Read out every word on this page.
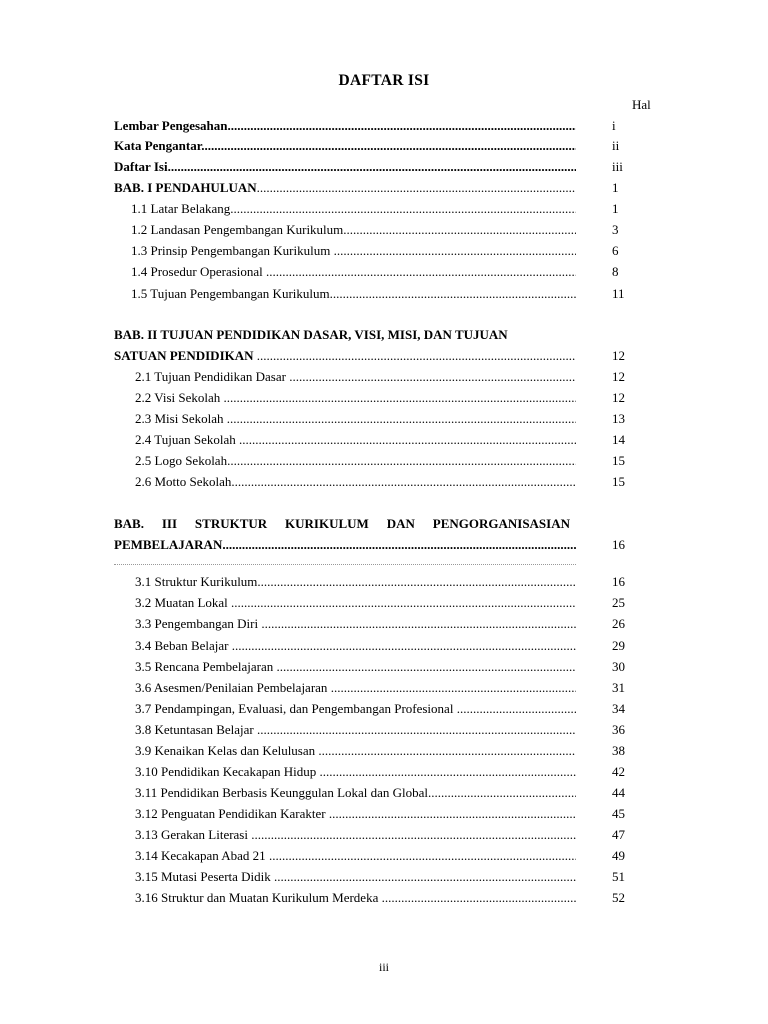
DAFTAR ISI
Hal
Lembar Pengesahan .....	i
Kata Pengantar .....	ii
Daftar Isi .....	iii
BAB. I PENDAHULUAN .....	1
1.1 Latar Belakang .....	1
1.2 Landasan Pengembangan Kurikulum .....	3
1.3 Prinsip Pengembangan Kurikulum .....	6
1.4 Prosedur Operasional .....	8
1.5 Tujuan Pengembangan Kurikulum .....	11
BAB. II TUJUAN PENDIDIKAN DASAR, VISI, MISI, DAN TUJUAN
SATUAN PENDIDIKAN .....	12
2.1 Tujuan Pendidikan Dasar .....	12
2.2 Visi Sekolah .....	12
2.3 Misi Sekolah .....	13
2.4 Tujuan Sekolah .....	14
2.5 Logo Sekolah .....	15
2.6 Motto Sekolah .....	15
BAB. III STRUKTUR KURIKULUM DAN PENGORGANISASIAN
PEMBELAJARAN .....	16
3.1 Struktur Kurikulum .....	16
3.2 Muatan Lokal .....	25
3.3 Pengembangan Diri .....	26
3.4 Beban Belajar .....	29
3.5 Rencana Pembelajaran .....	30
3.6 Asesmen/Penilaian Pembelajaran .....	31
3.7 Pendampingan, Evaluasi, dan Pengembangan Profesional .....	34
3.8 Ketuntasan Belajar .....	36
3.9 Kenaikan Kelas dan Kelulusan .....	38
3.10 Pendidikan Kecakapan Hidup .....	42
3.11 Pendidikan Berbasis Keunggulan Lokal dan Global .....	44
3.12 Penguatan Pendidikan Karakter .....	45
3.13 Gerakan Literasi .....	47
3.14 Kecakapan Abad 21 .....	49
3.15 Mutasi Peserta Didik .....	51
3.16 Struktur dan Muatan Kurikulum Merdeka .....	52
iii
